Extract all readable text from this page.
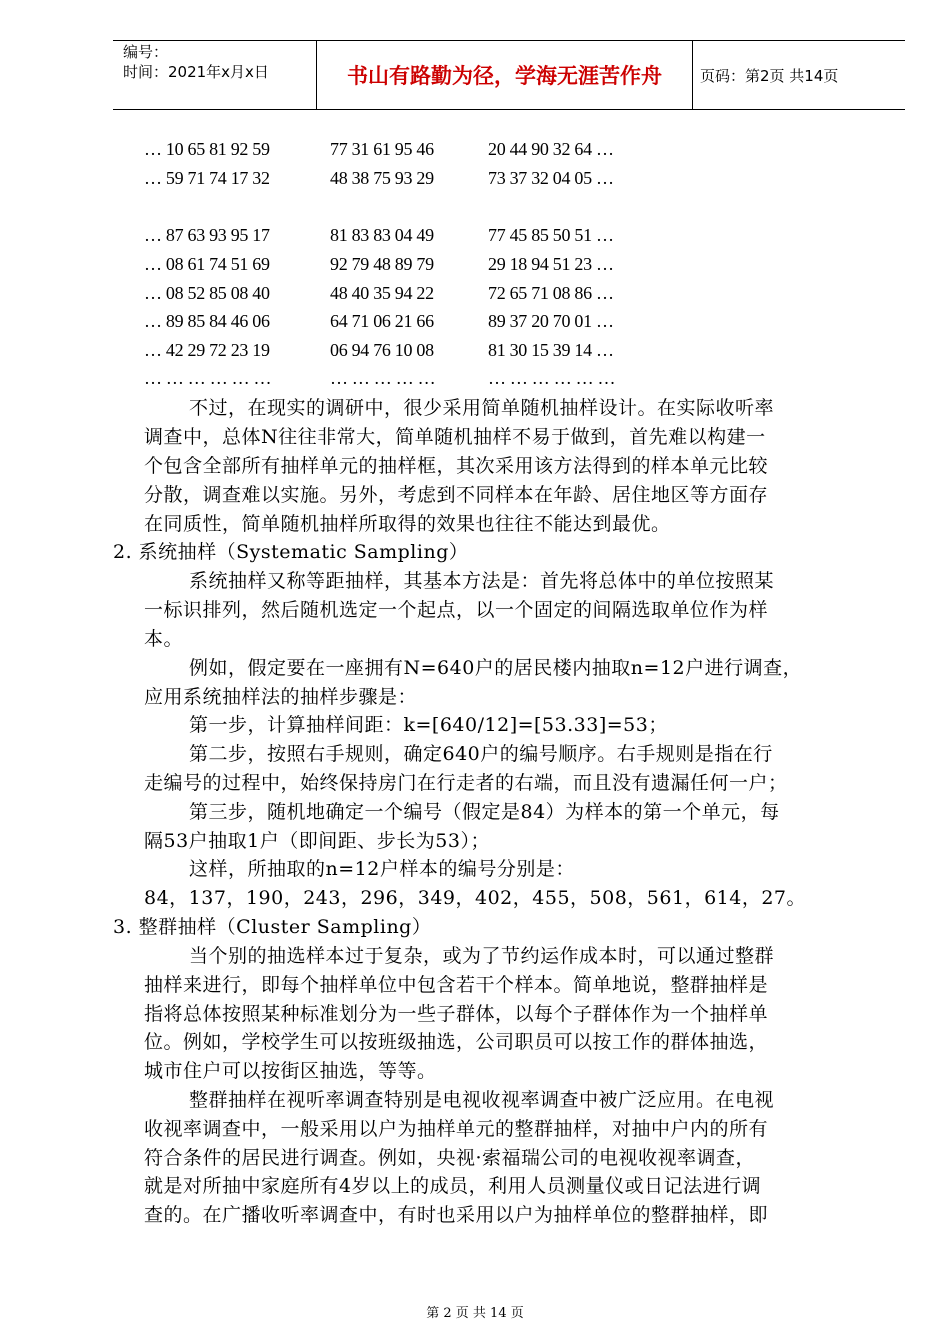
编号：
时间：2021年x月x日	书山有路勤为径，学海无涯苦作舟	页码：第2页 共14页
… 10 65 81 92 59	77 31 61 95 46	20 44 90 32 64 …
… 59 71 74 17 32	48 38 75 93 29	73 37 32 04 05 …
… 87 63 93 95 17	81 83 83 04 49	77 45 85 50 51 …
… 08 61 74 51 69	92 79 48 89 79	29 18 94 51 23 …
… 08 52 85 08 40	48 40 35 94 22	72 65 71 08 86 …
… 89 85 84 46 06	64 71 06 21 66	89 37 20 70 01 …
… 42 29 72 23 19	06 94 76 10 08	81 30 15 39 14 …
… … … … … …	… … … … …	… … … … … …
不过，在现实的调研中，很少采用简单随机抽样设计。在实际收听率
调查中，总体N往往非常大，简单随机抽样不易于做到，首先难以构建一
个包含全部所有抽样单元的抽样框，其次采用该方法得到的样本单元比较
分散，调查难以实施。另外，考虑到不同样本在年龄、居住地区等方面存
在同质性，简单随机抽样所取得的效果也往往不能达到最优。
2. 系统抽样（Systematic Sampling）
系统抽样又称等距抽样，其基本方法是：首先将总体中的单位按照某
一标识排列，然后随机选定一个起点，以一个固定的间隔选取单位作为样
本。
例如，假定要在一座拥有N=640户的居民楼内抽取n=12户进行调查，
应用系统抽样法的抽样步骤是：
第一步，计算抽样间距：k=[640/12]=[53.33]=53；
第二步，按照右手规则，确定640户的编号顺序。右手规则是指在行
走编号的过程中，始终保持房门在行走者的右端，而且没有遗漏任何一户；
第三步，随机地确定一个编号（假定是84）为样本的第一个单元，每
隔53户抽取1户（即间距、步长为53）；
这样，所抽取的n=12户样本的编号分别是：
84，137，190，243，296，349，402，455，508，561，614，27。
3. 整群抽样（Cluster Sampling）
当个别的抽选样本过于复杂，或为了节约运作成本时，可以通过整群
抽样来进行，即每个抽样单位中包含若干个样本。简单地说，整群抽样是
指将总体按照某种标准划分为一些子群体，以每个子群体作为一个抽样单
位。例如，学校学生可以按班级抽选，公司职员可以按工作的群体抽选，
城市住户可以按街区抽选，等等。
整群抽样在视听率调查特别是电视收视率调查中被广泛应用。在电视
收视率调查中，一般采用以户为抽样单元的整群抽样，对抽中户内的所有
符合条件的居民进行调查。例如，央视·索福瑞公司的电视收视率调查，
就是对所抽中家庭所有4岁以上的成员，利用人员测量仪或日记法进行调
查的。在广播收听率调查中，有时也采用以户为抽样单位的整群抽样，即
第 2 页 共 14 页
